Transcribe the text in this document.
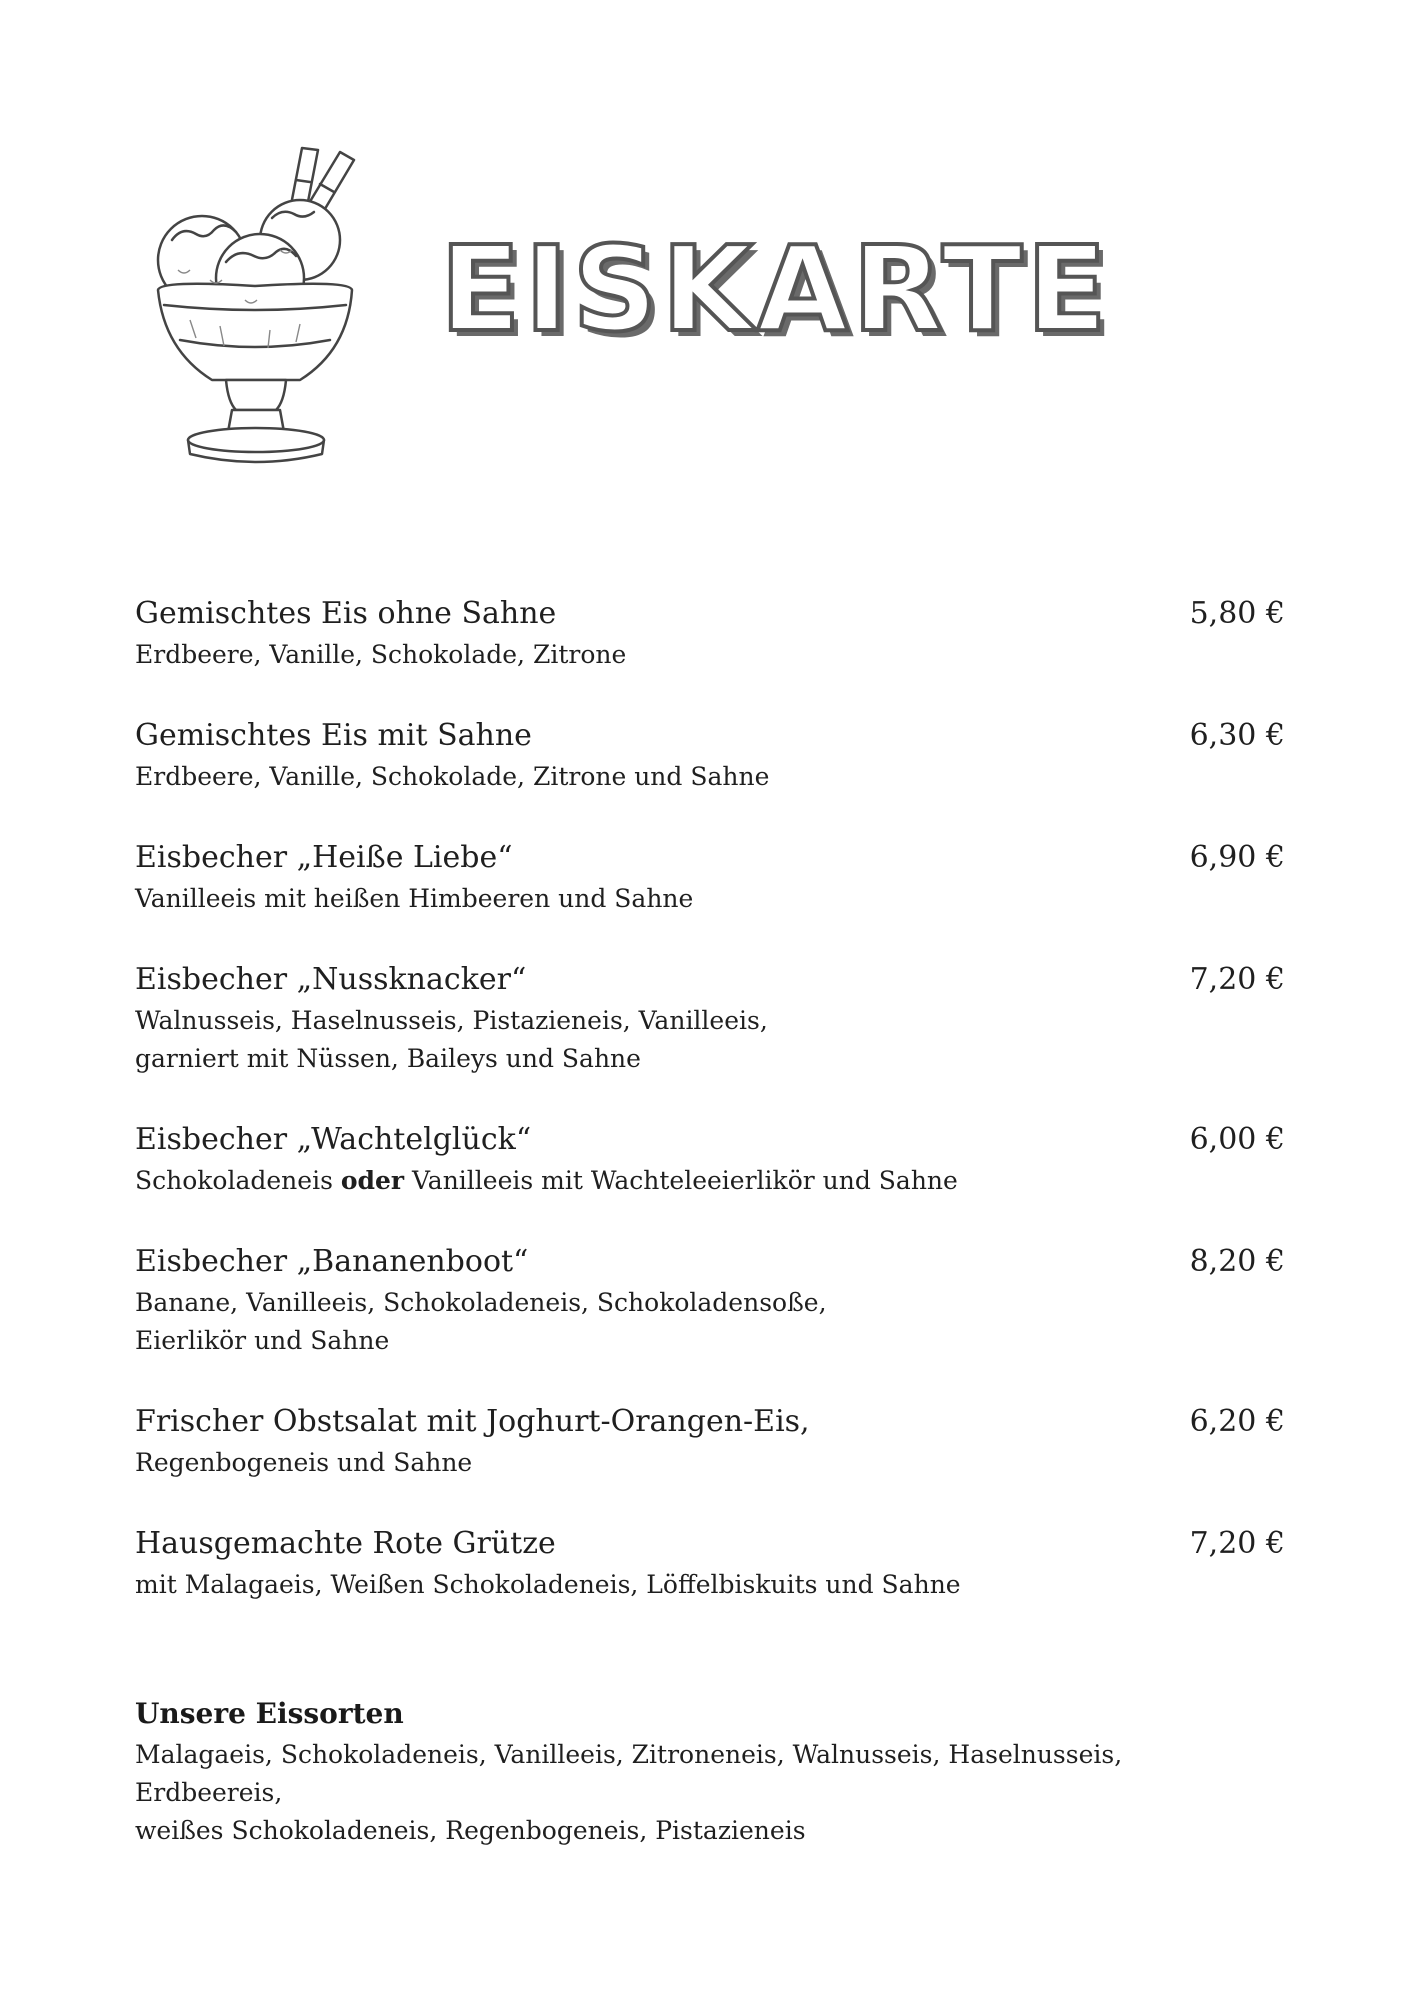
EISKARTE
Gemischtes Eis ohne Sahne	5,80 €
Erdbeere, Vanille, Schokolade, Zitrone
Gemischtes Eis mit Sahne	6,30 €
Erdbeere, Vanille, Schokolade, Zitrone und Sahne
Eisbecher „Heiße Liebe“	6,90 €
Vanilleeis mit heißen Himbeeren und Sahne
Eisbecher „Nussknacker“	7,20 €
Walnusseis, Haselnusseis, Pistazieneis, Vanilleeis,
garniert mit Nüssen, Baileys und Sahne
Eisbecher „Wachtelglück“	6,00 €
Schokoladeneis oder Vanilleeis mit Wachteleeierlikör und Sahne
Eisbecher „Bananenboot“	8,20 €
Banane, Vanilleeis, Schokoladeneis, Schokoladensoße,
Eierlikör und Sahne
Frischer Obstsalat mit Joghurt-Orangen-Eis,	6,20 €
Regenbogeneis und Sahne
Hausgemachte Rote Grütze	7,20 €
mit Malagaeis, Weißen Schokoladeneis, Löffelbiskuits und Sahne
Unsere Eissorten
Malagaeis, Schokoladeneis, Vanilleeis, Zitroneneis, Walnusseis, Haselnusseis, Erdbeereis,
weißes Schokoladeneis, Regenbogeneis, Pistazieneis
